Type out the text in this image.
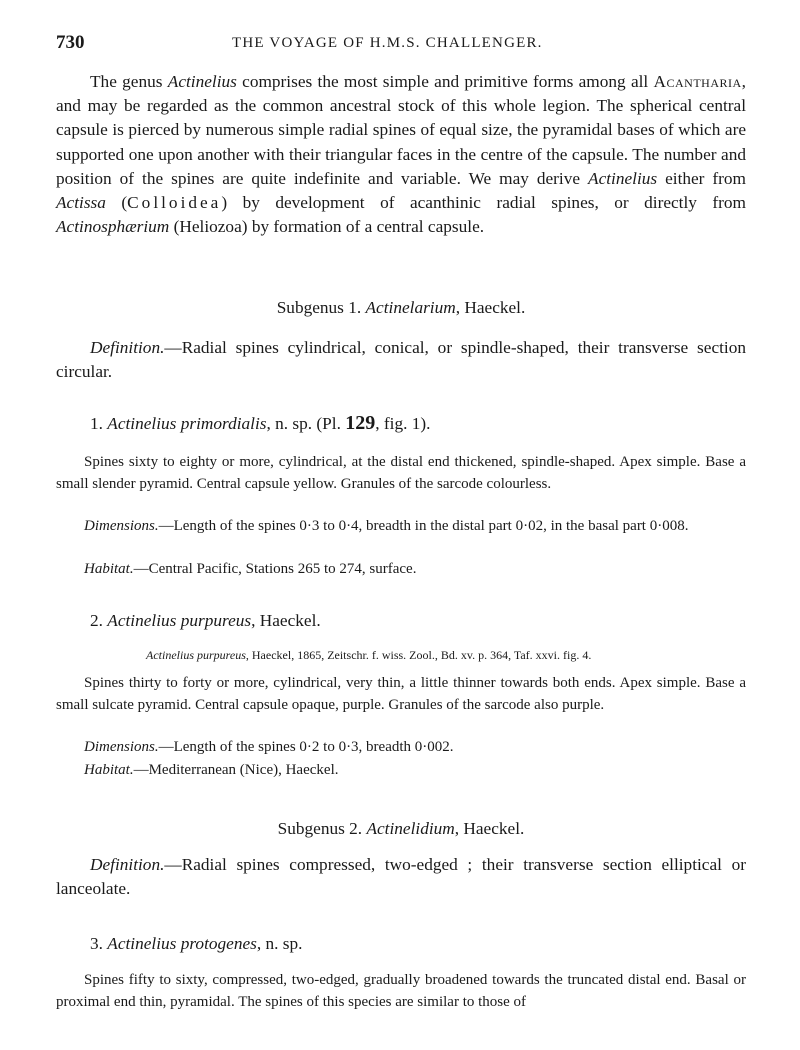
730	THE VOYAGE OF H.M.S. CHALLENGER.

The genus Actinelius comprises the most simple and primitive forms among all Acantharia, and may be regarded as the common ancestral stock of this whole legion. The spherical central capsule is pierced by numerous simple radial spines of equal size, the pyramidal bases of which are supported one upon another with their triangular faces in the centre of the capsule. The number and position of the spines are quite indefinite and variable. We may derive Actinelius either from Actissa (Colloidea) by development of acanthinic radial spines, or directly from Actinosphærium (Heliozoa) by formation of a central capsule.

Subgenus 1. Actinelarium, Haeckel.

Definition.—Radial spines cylindrical, conical, or spindle-shaped, their transverse section circular.

1. Actinelius primordialis, n. sp. (Pl. 129, fig. 1).

Spines sixty to eighty or more, cylindrical, at the distal end thickened, spindle-shaped. Apex simple. Base a small slender pyramid. Central capsule yellow. Granules of the sarcode colourless.

Dimensions.—Length of the spines 0·3 to 0·4, breadth in the distal part 0·02, in the basal part 0·008.

Habitat.—Central Pacific, Stations 265 to 274, surface.

2. Actinelius purpureus, Haeckel.
Actinelius purpureus, Haeckel, 1865, Zeitschr. f. wiss. Zool., Bd. xv. p. 364, Taf. xxvi. fig. 4.

Spines thirty to forty or more, cylindrical, very thin, a little thinner towards both ends. Apex simple. Base a small sulcate pyramid. Central capsule opaque, purple. Granules of the sarcode also purple.

Dimensions.—Length of the spines 0·2 to 0·3, breadth 0·002.

Habitat.—Mediterranean (Nice), Haeckel.

Subgenus 2. Actinelidium, Haeckel.

Definition.—Radial spines compressed, two-edged ; their transverse section elliptical or lanceolate.

3. Actinelius protogenes, n. sp.

Spines fifty to sixty, compressed, two-edged, gradually broadened towards the truncated distal end. Basal or proximal end thin, pyramidal. The spines of this species are similar to those of
